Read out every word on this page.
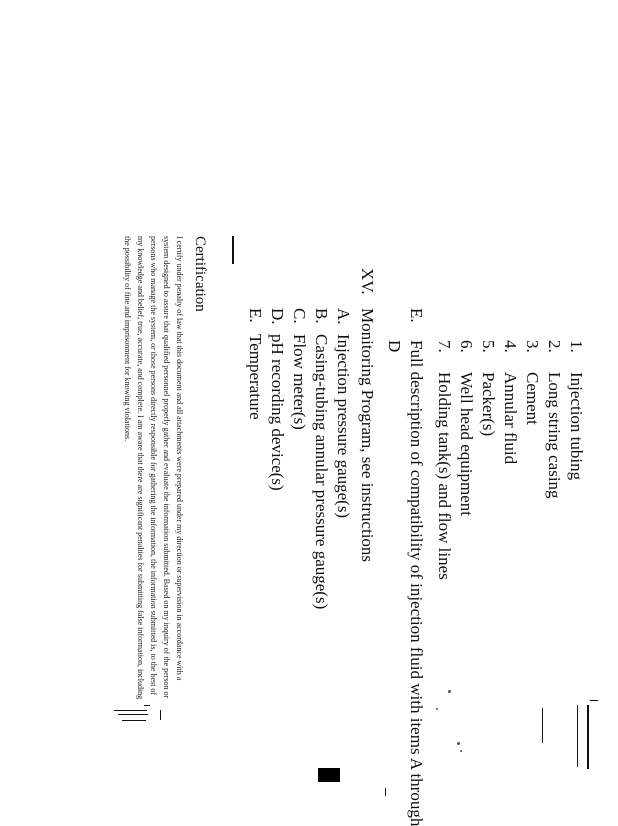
1.
Injection tubing
2.
Long string casing
3.
Cement
4.
Annular fluid
5.
Packer(s)
6.
Well head equipment
7.
Holding tank(s) and flow lines
E.
Full description of compatibility of injection fluid with items A through
D
XV.
Monitoring Program, see instructions
A.
Injection pressure gauge(s)
B.
Casing-tubing annular pressure gauge(s)
C.
Flow meter(s)
D.
pH recording device(s)
E.
Temperature
Certification
I certify under penalty of law that this document and all attachments were prepared under my direction or supervision in accordance with a
system designed to assure that qualified personnel properly gather and evaluate the information submitted. Based on my inquiry of the person or
persons who manage the system, or those persons directly responsible for gathering the information, the information submitted is, to the best of
my knowledge and belief, true, accurate, and complete. I am aware that there are significant penalties for submitting false information, including
the possibility of fine and imprisonment for knowing violations.
